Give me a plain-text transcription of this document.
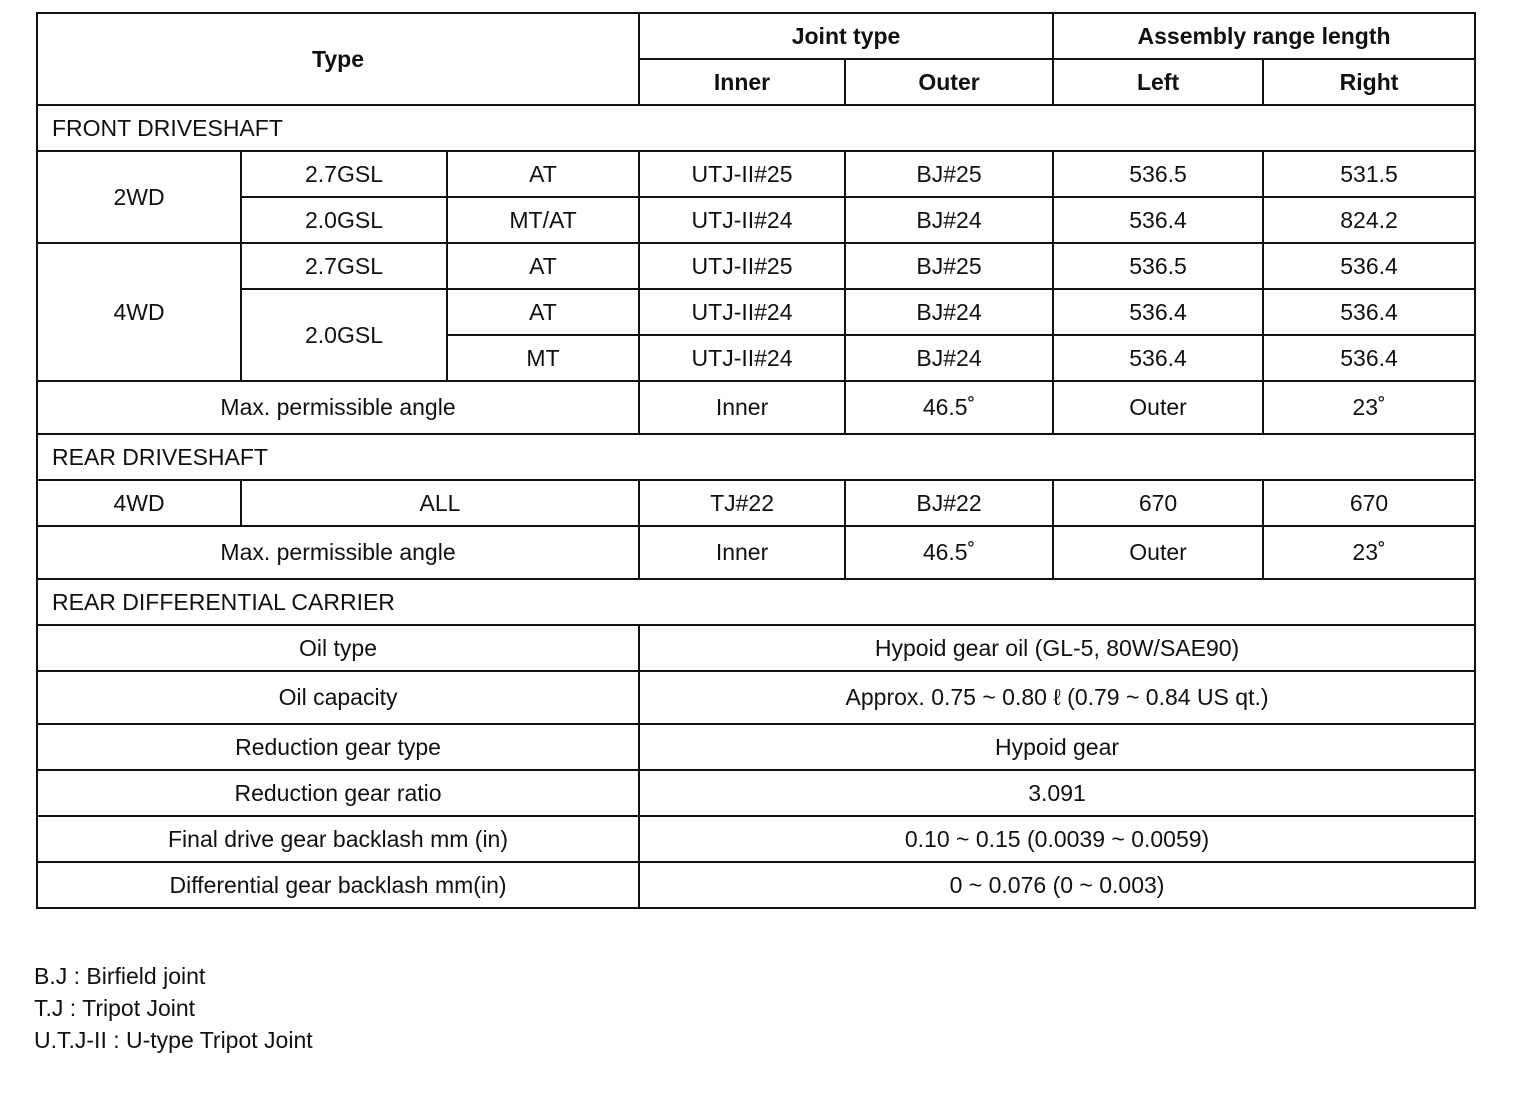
Type			Joint type		Assembly range length	
			Inner	Outer	Left	Right
FRONT DRIVESHAFT						
2WD	2.7GSL	AT	UTJ-II#25	BJ#25	536.5	531.5
	2.0GSL	MT/AT	UTJ-II#24	BJ#24	536.4	824.2
4WD	2.7GSL	AT	UTJ-II#25	BJ#25	536.5	536.4
	2.0GSL	AT	UTJ-II#24	BJ#24	536.4	536.4
		MT	UTJ-II#24	BJ#24	536.4	536.4
Max. permissible angle			Inner	46.5˚	Outer	23˚
REAR DRIVESHAFT						
4WD	ALL		TJ#22	BJ#22	670	670
Max. permissible angle			Inner	46.5˚	Outer	23˚
REAR DIFFERENTIAL CARRIER						
Oil type			Hypoid gear oil (GL-5, 80W/SAE90)			
Oil capacity			Approx. 0.75 ~ 0.80 ℓ (0.79 ~ 0.84 US qt.)			
Reduction gear type			Hypoid gear			
Reduction gear ratio			3.091			
Final drive gear backlash mm (in)			0.10 ~ 0.15 (0.0039 ~ 0.0059)			
Differential gear backlash mm(in)			0 ~ 0.076 (0 ~ 0.003)			
B.J : Birfield joint
T.J : Tripot Joint
U.T.J-II : U-type Tripot Joint
